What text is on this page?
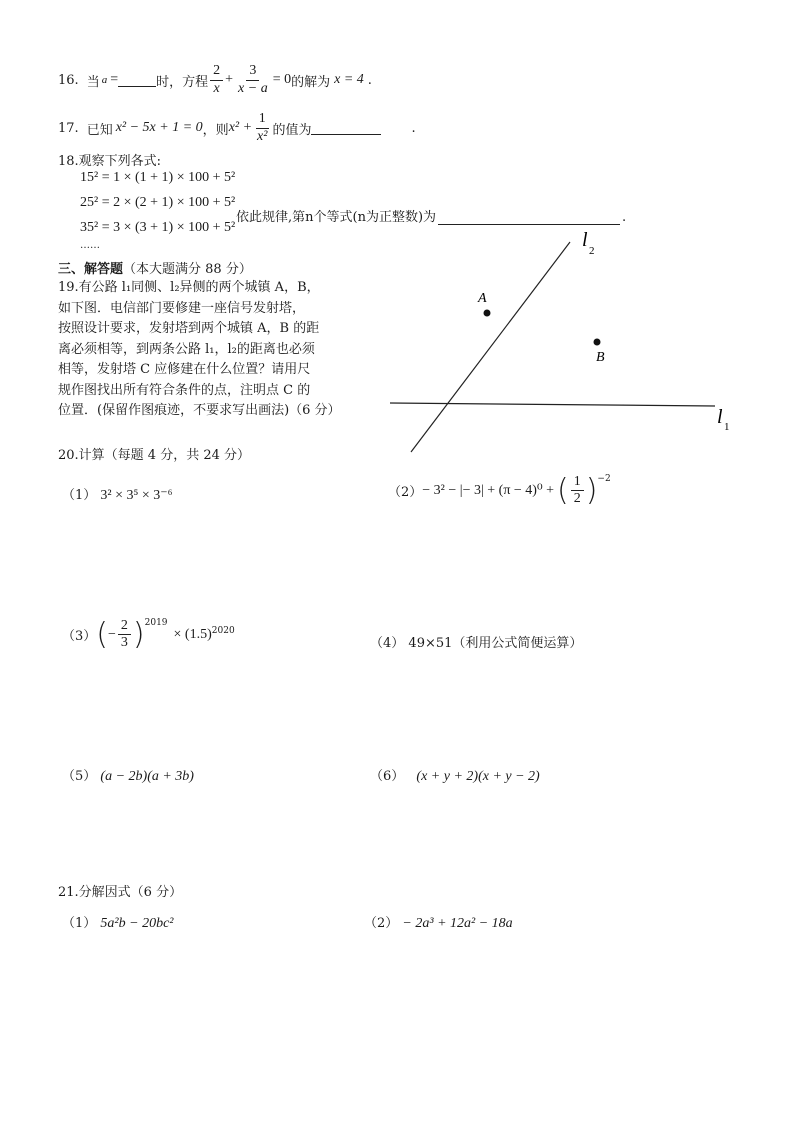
16. 当 a =	时，方程 $\frac{2}{x} + \frac{3}{x - a} = 0$ 的解为 x = 4 .
17. 已知 x² − 5x + 1 = 0 ，则 $x^2 + \frac{1}{\text{x²}}$ 的值为	.
18.观察下列各式:
15² = 1 × (1 + 1) × 100 + 5²
25² = 2 × (2 + 1) × 100 + 5²
35² = 3 × (3 + 1) × 100 + 5²
……
依此规律,第n个等式(n为正整数)为	.
三、解答题（本大题满分 88 分）
19.有公路 l₁同侧、l₂异侧的两个城镇 A，B，
如下图．电信部门要修建一座信号发射塔，
按照设计要求，发射塔到两个城镇 A，B 的距
离必须相等，到两条公路 l₁，l₂的距离也必须
相等，发射塔 C 应修建在什么位置？请用尺
规作图找出所有符合条件的点，注明点 C 的
位置．(保留作图痕迹，不要求写出画法)（6 分）
l 2
l 1
A
B
20.计算（每题 4 分，共 24 分）
（1） 3² × 3⁵ × 3⁻⁶	（2） − 3² − |− 3| + (π − 4)⁰ + ( $\frac{1}{2}$ ) −2
（3） ( − $\frac{2}{3}$ ) 2019
× (1.5) 2020
（4） 49×51（利用公式简便运算）
（5） (a − 2b)(a + 3b)	（6） (x + y + 2)(x + y − 2)
21.分解因式（6 分）
（1） 5a²b − 20bc²	（2） − 2a³ + 12a² − 18a
